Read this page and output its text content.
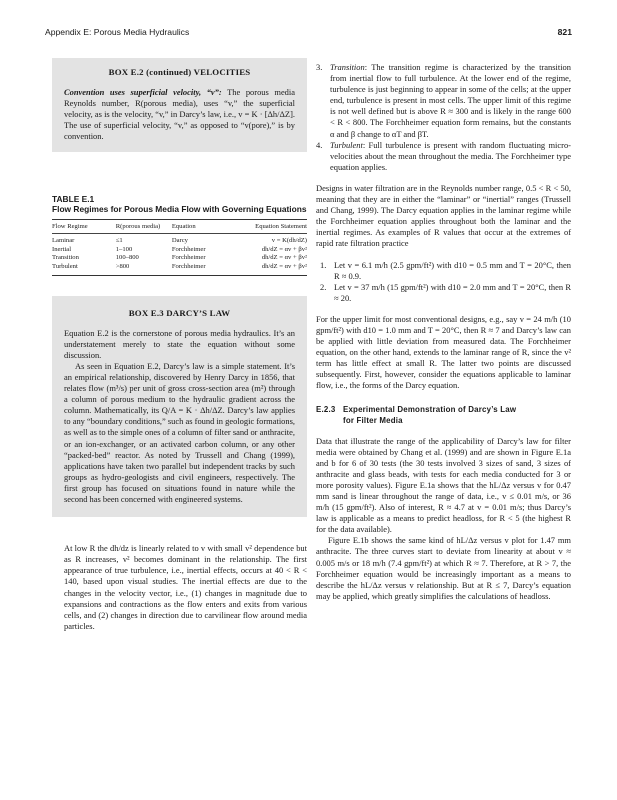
Appendix E: Porous Media Hydraulics	821
BOX E.2 (continued) VELOCITIES

Convention uses superficial velocity, “v”: The porous media Reynolds number, R(porous media), uses “v,” the superficial velocity, as is the velocity, “v,” in Darcy’s law, i.e., v = K · [Δh/ΔZ]. The use of superficial velocity, “v,” as opposed to “v(pore),” is by convention.

TABLE E.1
Flow Regimes for Porous Media Flow with Governing Equations
Flow Regime	R(porous media)	Equation	Equation Statement
Laminar	≤1	Darcy	v = K(dh/dZ)
Inertial	1–100	Forchheimer	dh/dZ = αv + βv²
Transition	100–800	Forchheimer	dh/dZ = αv + βv²
Turbulent	>800	Forchheimer	dh/dZ = αv + βv²
BOX E.3 DARCY’S LAW

Equation E.2 is the cornerstone of porous media hydraulics. It’s an understatement merely to state the equation without some discussion.

As seen in Equation E.2, Darcy’s law is a simple statement. It’s an empirical relationship, discovered by Henry Darcy in 1856, that relates flow (m³/s) per unit of gross cross-section area (m²) through a column of porous medium to the hydraulic gradient across the column. Mathematically, its Q/A = K · Δh/ΔZ. Darcy’s law applies to any “boundary conditions,” such as found in geologic formations, as well as to the simple ones of a column of filter sand or anthracite, or an ion-exchanger, or an activated carbon column, or any other “packed-bed” reactor. As noted by Trussell and Chang (1999), applications have taken two parallel but independent tracks by such groups as hydro-geologists and civil engineers, respectively. The first group has focused on situations found in nature while the second has been concerned with engineered systems.

At low R the dh/dz is linearly related to v with small v² dependence but as R increases, v² becomes dominant in the relationship. The first appearance of true turbulence, i.e., inertial effects, occurs at 40 < R < 140, based upon visual studies. The inertial effects are due to the changes in the velocity vector, i.e., (1) changes in magnitude due to expansions and contractions as the flow enters and exits from various cells, and (2) changes in direction due to carvilinear flow around media particles.

3. Transition: The transition regime is characterized by the transition from inertial flow to full turbulence. At the lower end of the regime, turbulence is just beginning to appear in some of the cells; at the upper end, turbulence is present in most cells. The upper limit of this regime is not well defined but is above R ≈ 300 and is likely in the range 600 < R < 800. The Forchheimer equation form remains, but the constants α and β change to αT and βT.
4. Turbulent: Full turbulence is present with random fluctuating micro-velocities about the mean throughout the media. The Forchheimer type equation applies.

Designs in water filtration are in the Reynolds number range, 0.5 < R < 50, meaning that they are in either the “laminar” or “inertial” ranges (Trussell and Chang, 1999). The Darcy equation applies in the laminar regime while the Forchheimer equation applies throughout both the laminar and the inertial regimes. As examples of R values that occur at the extremes of rapid rate filtration practice

1. Let v = 6.1 m/h (2.5 gpm/ft²) with d10 = 0.5 mm and T = 20°C, then R ≈ 0.9.
2. Let v = 37 m/h (15 gpm/ft²) with d10 = 2.0 mm and T = 20°C, then R ≈ 20.

For the upper limit for most conventional designs, e.g., say v = 24 m/h (10 gpm/ft²) with d10 = 1.0 mm and T = 20°C, then R ≈ 7 and Darcy’s law can be applied with little deviation from measured data. The Forchheimer equation, on the other hand, extends to the laminar range of R, since the v² term has little effect at small R. The latter two points are discussed subsequently. First, however, consider the equations applicable to laminar flow, i.e., the forms of the Darcy equation.

E.2.3 Experimental Demonstration of Darcy’s Law
for Filter Media

Data that illustrate the range of the applicability of Darcy’s law for filter media were obtained by Chang et al. (1999) and are shown in Figure E.1a and b for 6 of 30 tests (the 30 tests involved 3 sizes of sand, 3 sizes of anthracite and glass beads, with tests for each media conducted for 3 or more porosity values). Figure E.1a shows that the hL/Δz versus v for 0.47 mm sand is linear throughout the range of data, i.e., v ≤ 0.01 m/s, or 36 m/h (15 gpm/ft²). Also of interest, R ≈ 4.7 at v = 0.01 m/s; thus Darcy’s law is applicable as a means to predict headloss, for R < 5 (the highest R for the data available).

Figure E.1b shows the same kind of hL/Δz versus v plot for 1.47 mm anthracite. The three curves start to deviate from linearity at about v ≈ 0.005 m/s or 18 m/h (7.4 gpm/ft²) at which R ≈ 7. Therefore, at R > 7, the Forchheimer equation would be increasingly important as a means to describe the hL/Δz versus v relationship. But at R ≤ 7, Darcy’s equation may be applied, which greatly simplifies the calculations of headloss.
